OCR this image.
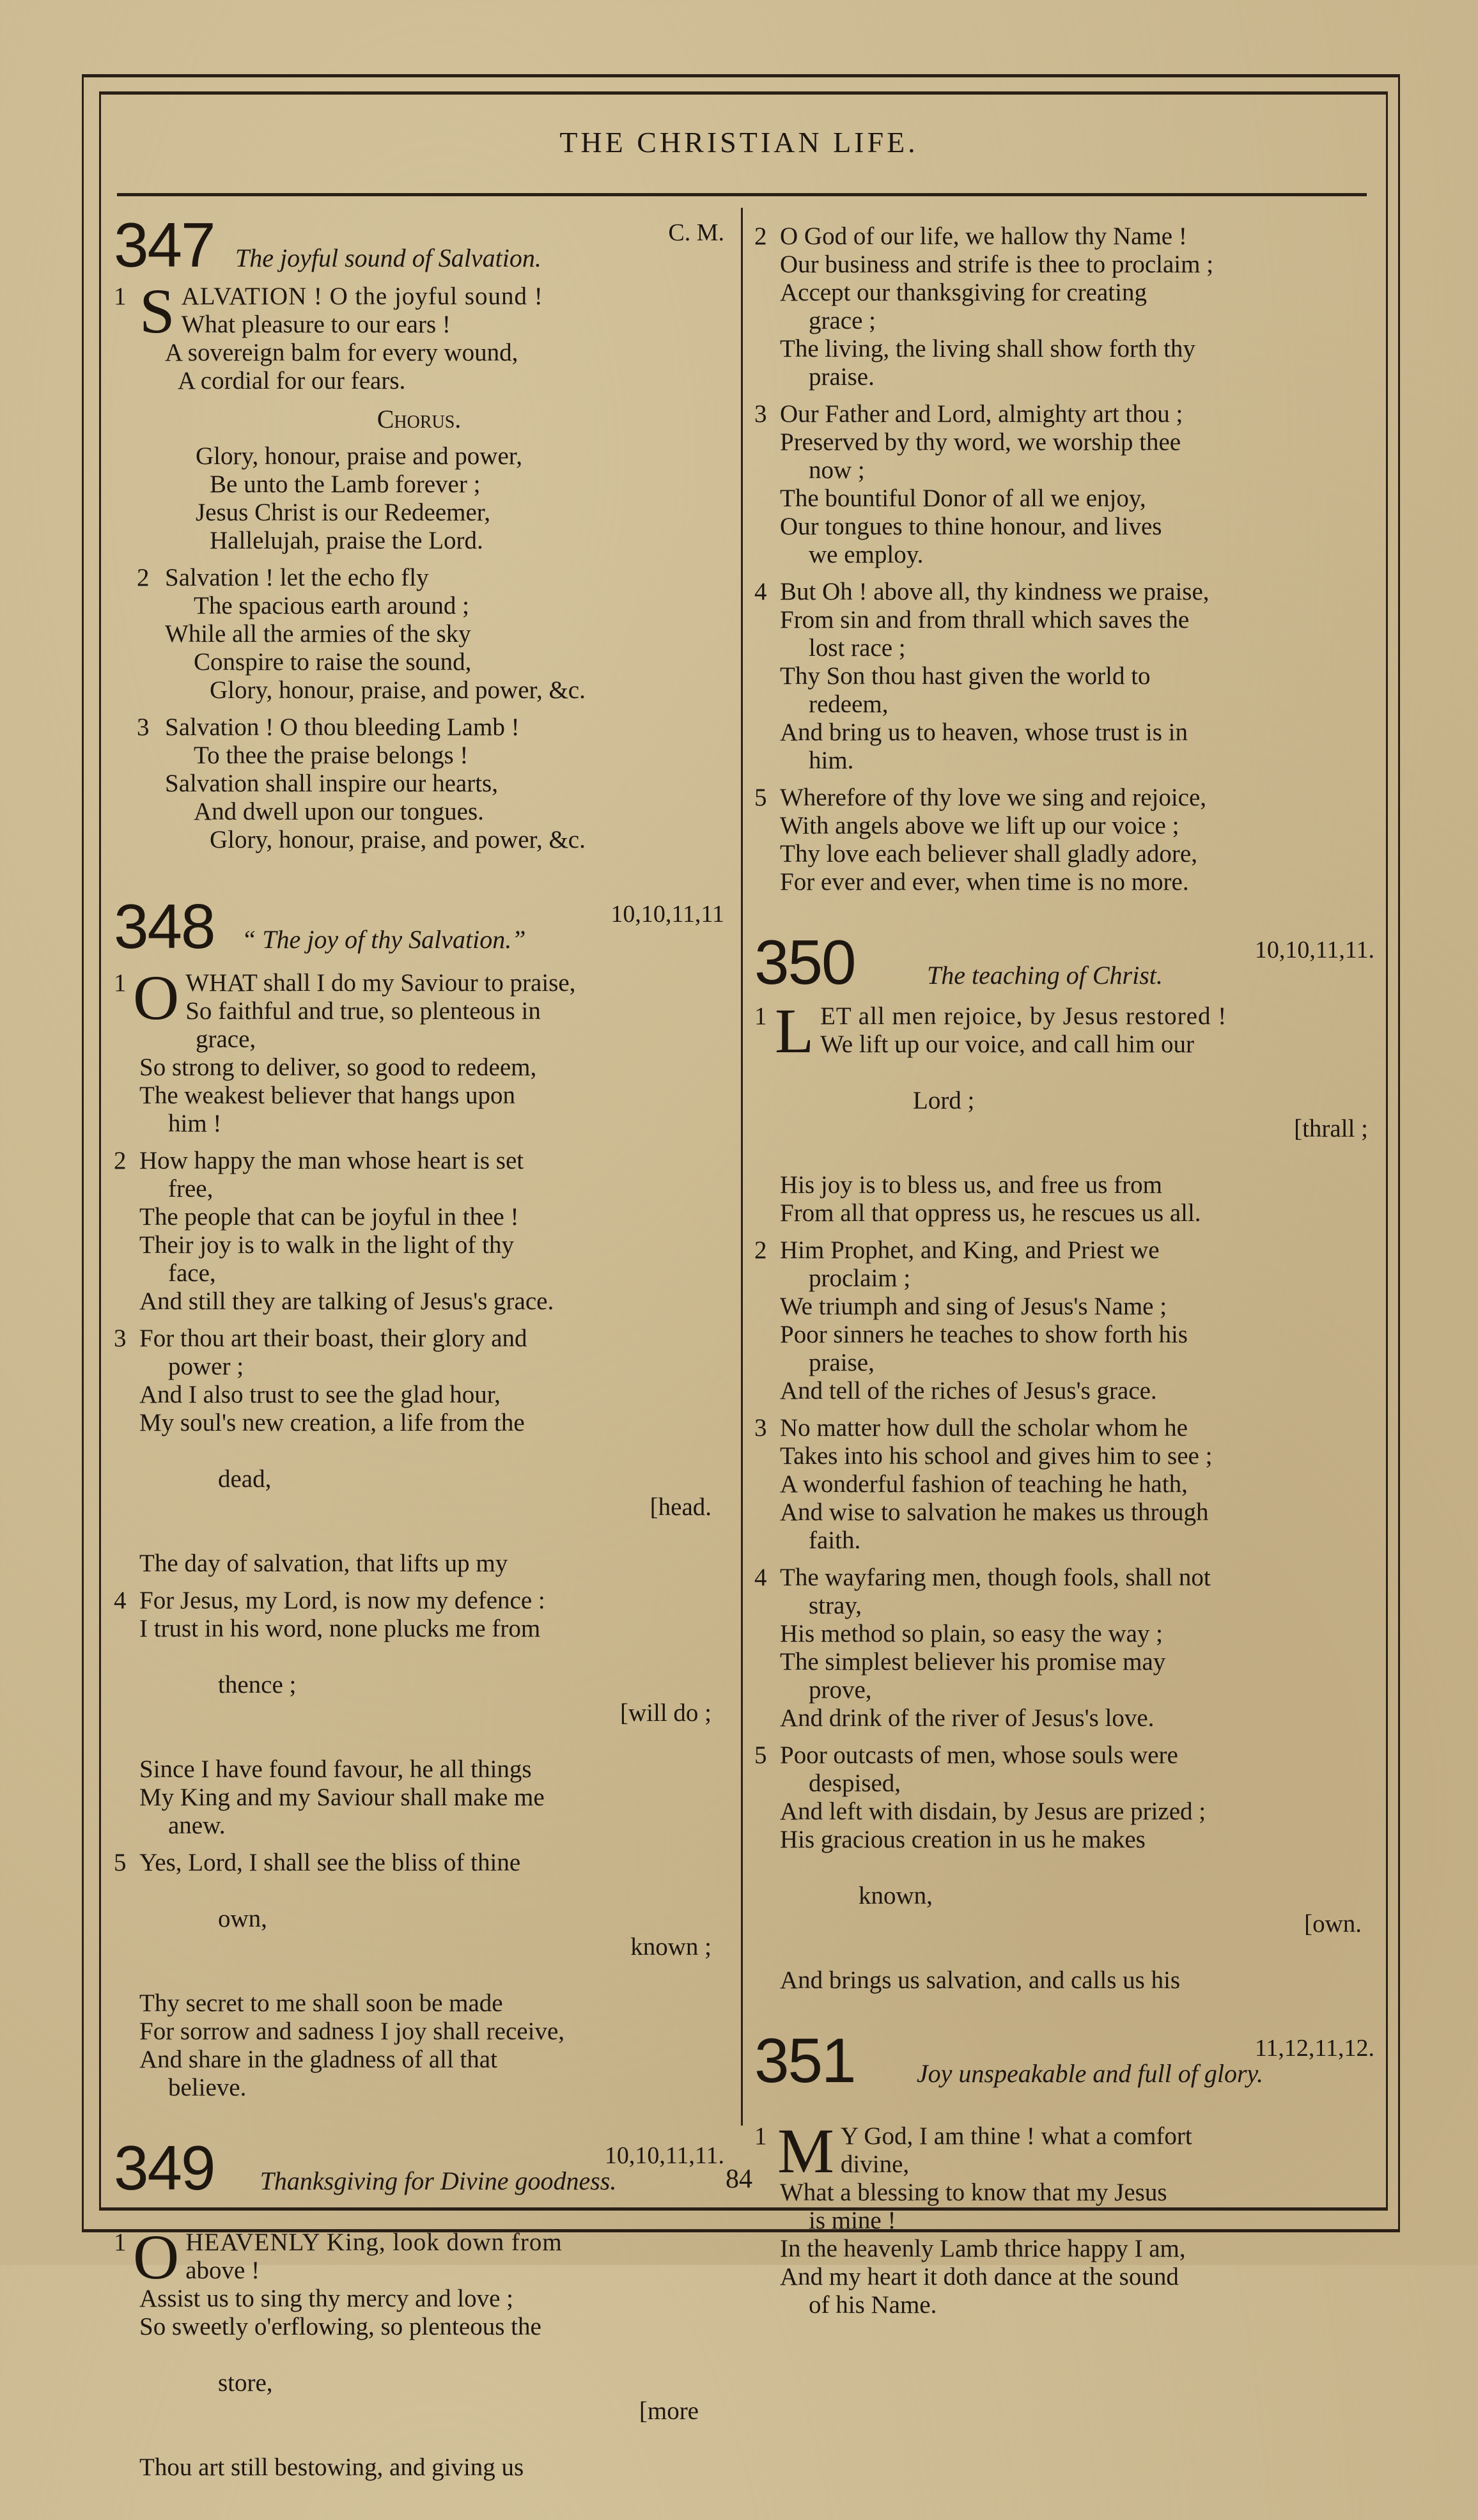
THE CHRISTIAN LIFE.
347	C. M.
The joyful sound of Salvation.
1 S ALVATION ! O the joyful sound !
What pleasure to our ears !
A sovereign balm for every wound,
A cordial for our fears.
Chorus.
Glory, honour, praise and power,
Be unto the Lamb forever ;
Jesus Christ is our Redeemer,
Hallelujah, praise the Lord.
2 Salvation ! let the echo fly
The spacious earth around ;
While all the armies of the sky
Conspire to raise the sound,
Glory, honour, praise, and power, &c.
3 Salvation ! O thou bleeding Lamb !
To thee the praise belongs !
Salvation shall inspire our hearts,
And dwell upon our tongues.
Glory, honour, praise, and power, &c.
348	10,10,11,11
“ The joy of thy Salvation.”
1 O WHAT shall I do my Saviour to praise,
So faithful and true, so plenteous in
grace,
So strong to deliver, so good to redeem,
The weakest believer that hangs upon
him !
2 How happy the man whose heart is set
free,
The people that can be joyful in thee !
Their joy is to walk in the light of thy
face,
And still they are talking of Jesus's grace.
3 For thou art their boast, their glory and
power ;
And I also trust to see the glad hour,
My soul's new creation, a life from the

dead,

[head.

The day of salvation, that lifts up my
4 For Jesus, my Lord, is now my defence :
I trust in his word, none plucks me from

thence ;

[will do ;

Since I have found favour, he all things
My King and my Saviour shall make me
anew.
5 Yes, Lord, I shall see the bliss of thine

own,

known ;

Thy secret to me shall soon be made
For sorrow and sadness I joy shall receive,
And share in the gladness of all that
believe.
349	10,10,11,11.
Thanksgiving for Divine goodness.
1 O HEAVENLY King, look down from
above !
Assist us to sing thy mercy and love ;
So sweetly o'erflowing, so plenteous the

store,

[more

Thou art still bestowing, and giving us
2 O God of our life, we hallow thy Name !
Our business and strife is thee to proclaim ;
Accept our thanksgiving for creating
grace ;
The living, the living shall show forth thy
praise.
3 Our Father and Lord, almighty art thou ;
Preserved by thy word, we worship thee
now ;
The bountiful Donor of all we enjoy,
Our tongues to thine honour, and lives
we employ.
4 But Oh ! above all, thy kindness we praise,
From sin and from thrall which saves the
lost race ;
Thy Son thou hast given the world to
redeem,
And bring us to heaven, whose trust is in
him.
5 Wherefore of thy love we sing and rejoice,
With angels above we lift up our voice ;
Thy love each believer shall gladly adore,
For ever and ever, when time is no more.
350	10,10,11,11.
The teaching of Christ.
1 L ET all men rejoice, by Jesus restored !
We lift up our voice, and call him our

Lord ;

[thrall ;

His joy is to bless us, and free us from
From all that oppress us, he rescues us all.
2 Him Prophet, and King, and Priest we
proclaim ;
We triumph and sing of Jesus's Name ;
Poor sinners he teaches to show forth his
praise,
And tell of the riches of Jesus's grace.
3 No matter how dull the scholar whom he
Takes into his school and gives him to see ;
A wonderful fashion of teaching he hath,
And wise to salvation he makes us through
faith.
4 The wayfaring men, though fools, shall not
stray,
His method so plain, so easy the way ;
The simplest believer his promise may
prove,
And drink of the river of Jesus's love.
5 Poor outcasts of men, whose souls were
despised,
And left with disdain, by Jesus are prized ;
His gracious creation in us he makes

known,

[own.

And brings us salvation, and calls us his
351	11,12,11,12.
Joy unspeakable and full of glory.
1 M Y God, I am thine ! what a comfort
divine,
What a blessing to know that my Jesus
is mine !
In the heavenly Lamb thrice happy I am,
And my heart it doth dance at the sound
of his Name.
84
